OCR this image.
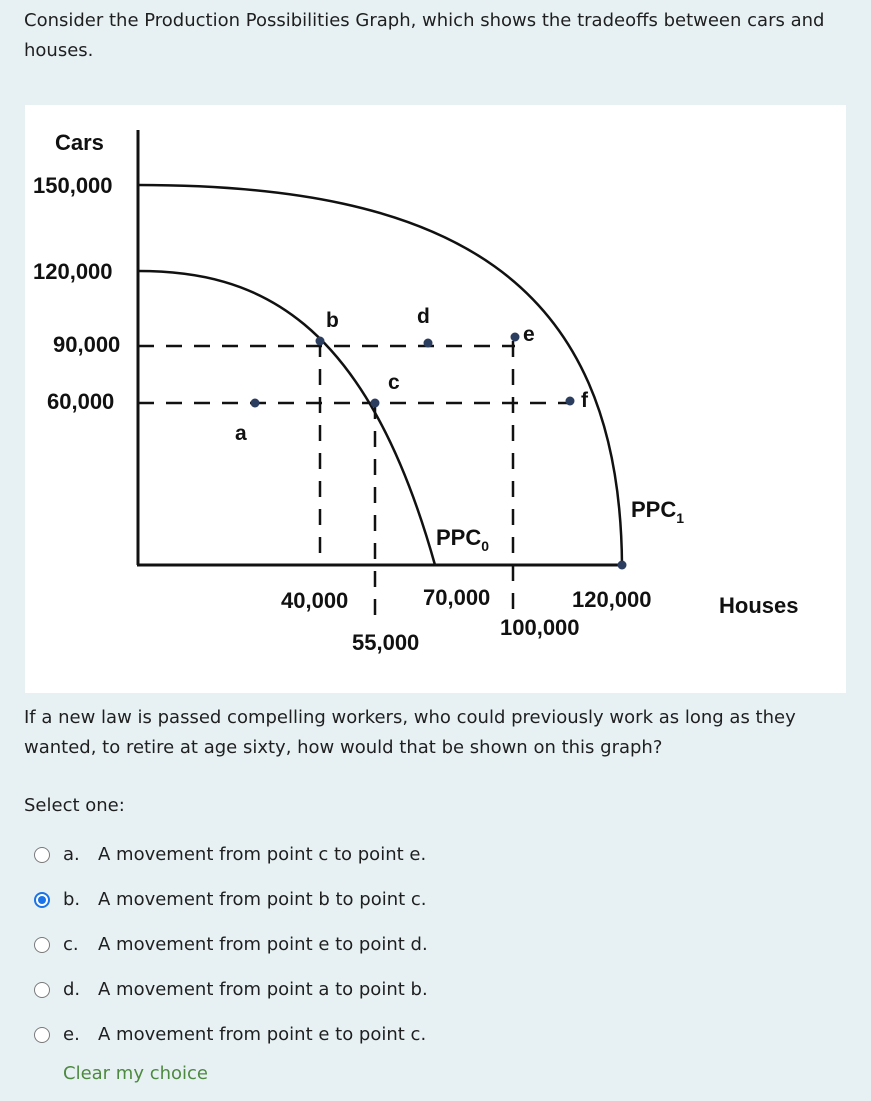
Consider the Production Possibilities Graph, which shows the tradeoffs between cars and houses.
150,000
120,000
90,000
60,000
Cars
40,000
55,000
70,000
100,000
120,000	Houses
a
b
c
d
e
f
$PPC_0$
$PPC_1$
If a new law is passed compelling workers, who could previously work as long as they wanted, to retire at age sixty, how would that be shown on this graph?
Select one:
a.	A movement from point c to point e.
b. A movement from point b to point c.
c.	A movement from point e to point d.
d. A movement from point a to point b.
e.	A movement from point e to point c.
Clear my choice
